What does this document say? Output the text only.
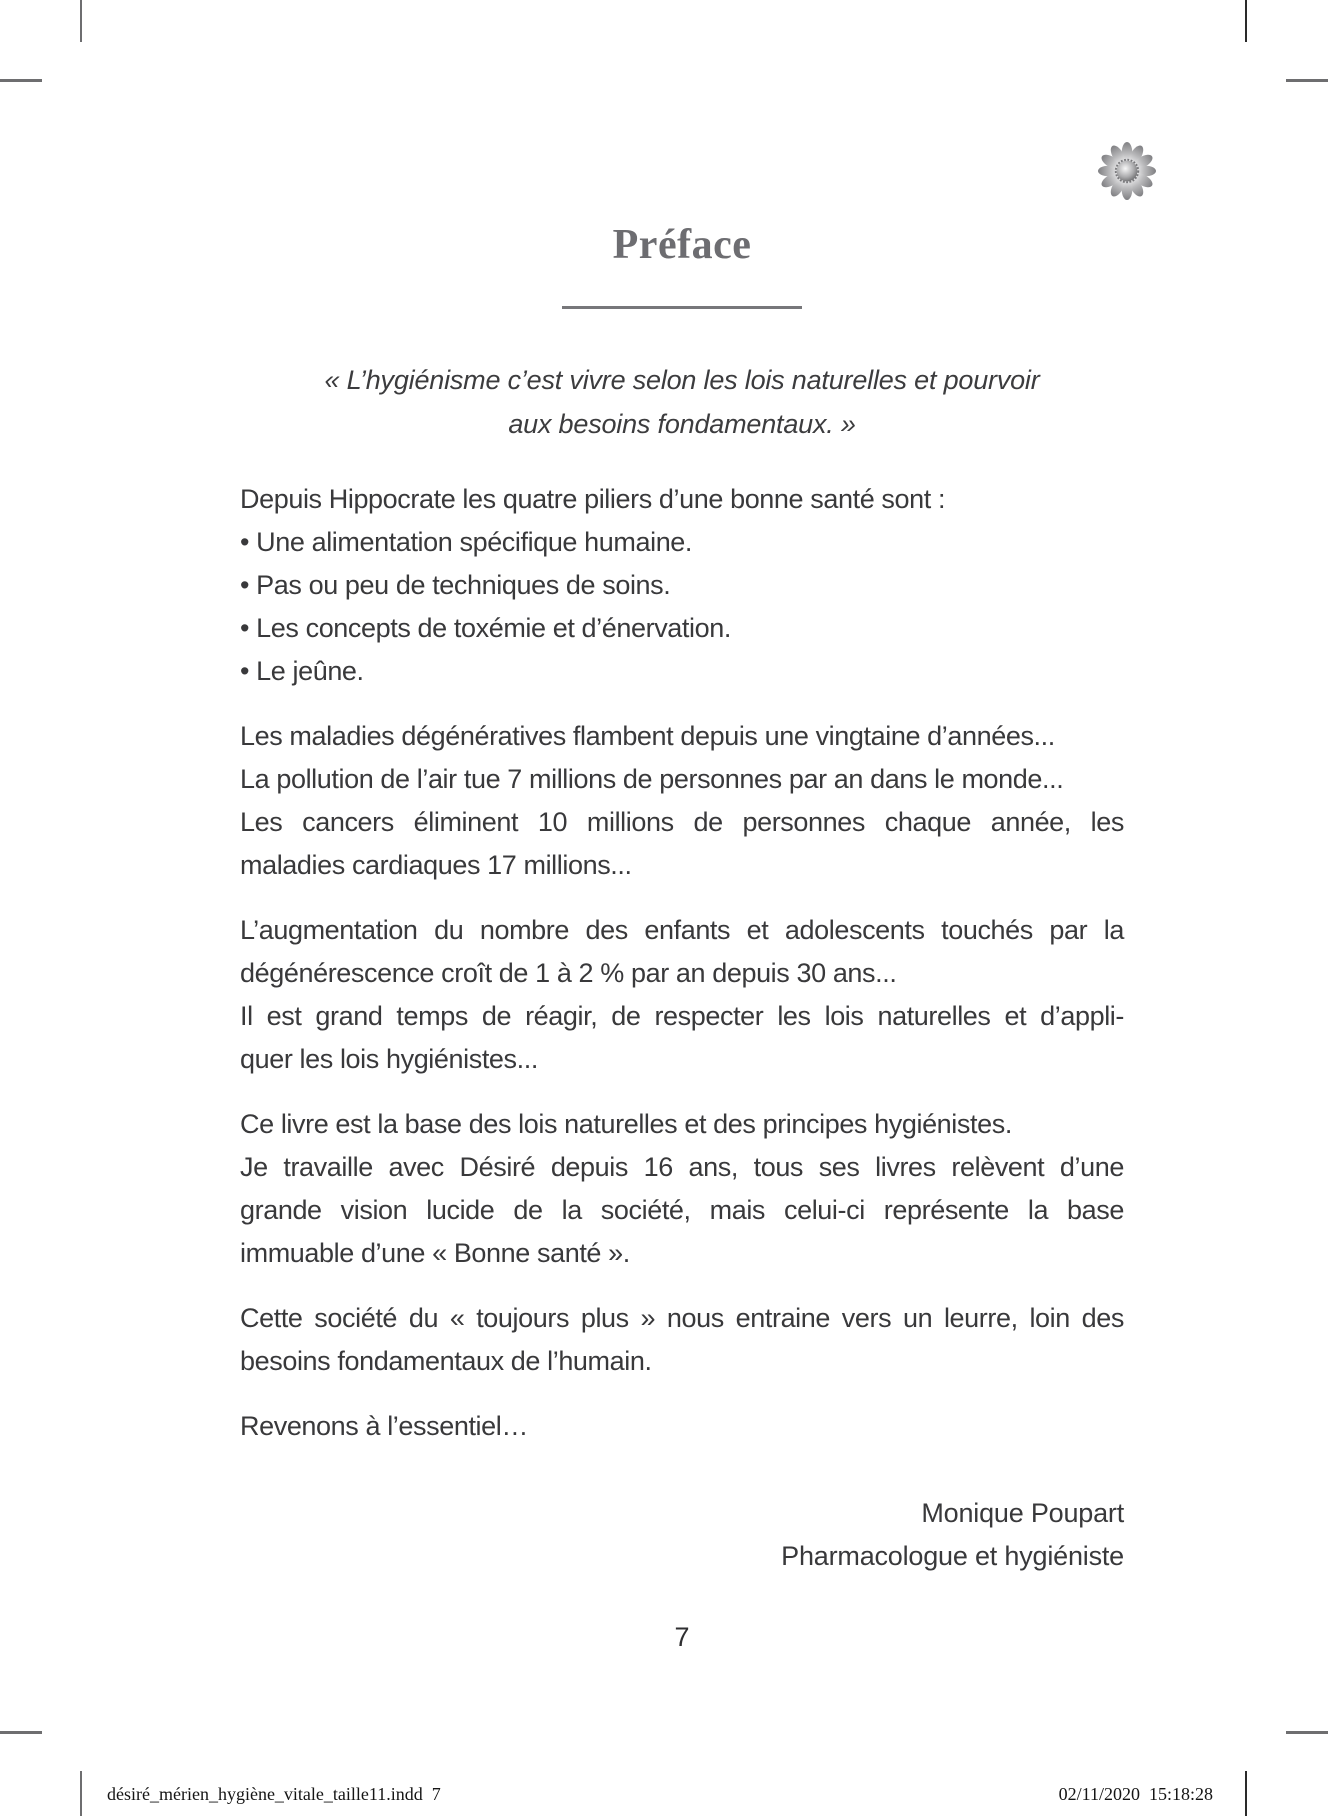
Préface
« L’hygiénisme c’est vivre selon les lois naturelles et pourvoir
aux besoins fondamentaux. »
Depuis Hippocrate les quatre piliers d’une bonne santé sont :
• Une alimentation spécifique humaine.
• Pas ou peu de techniques de soins.
• Les concepts de toxémie et d’énervation.
• Le jeûne.
Les maladies dégénératives flambent depuis une vingtaine d’années...
La pollution de l’air tue 7 millions de personnes par an dans le monde...
Les cancers éliminent 10 millions de personnes chaque année, les
maladies cardiaques 17 millions...
L’augmentation du nombre des enfants et adolescents touchés par la
dégénérescence croît de 1 à 2 % par an depuis 30 ans...
Il est grand temps de réagir, de respecter les lois naturelles et d’appli-
quer les lois hygiénistes...
Ce livre est la base des lois naturelles et des principes hygiénistes.
Je travaille avec Désiré depuis 16 ans, tous ses livres relèvent d’une
grande vision lucide de la société, mais celui-ci représente la base
immuable d’une « Bonne santé ».
Cette société du « toujours plus » nous entraine vers un leurre, loin des
besoins fondamentaux de l’humain.
Revenons à l’essentiel…
Monique Poupart
Pharmacologue et hygiéniste
7
désiré_mérien_hygiène_vitale_taille11.indd  7	02/11/2020  15:18:28
